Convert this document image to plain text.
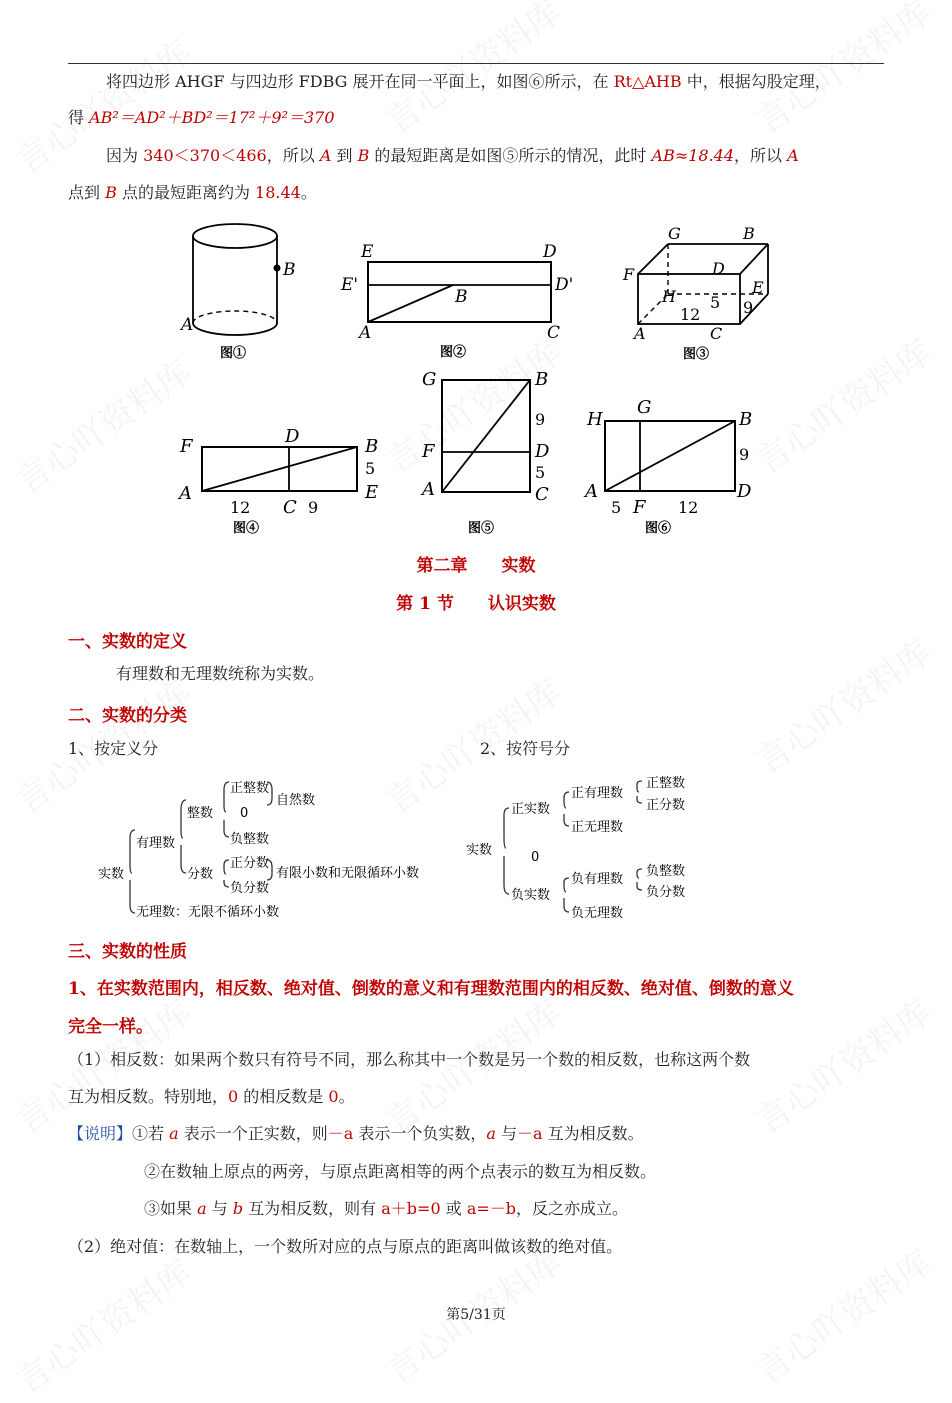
将四边形 AHGF 与四边形 FDBG 展开在同一平面上，如图⑥所示，在 Rt△AHB 中，根据勾股定理，
得 AB²＝AD²＋BD²＝17²＋9²＝370
因为 340＜370＜466，所以 A 到 B 的最短距离是如图⑤所示的情况，此时 AB≈18.44，所以 A
点到 B 点的最短距离约为 18.44。
B
A
图①
E	D
E'	D'
B
A	C
图②
G	B
F	D
E
H 5 9
12
A	C
图③
F	D	B
5
A
12 C 9
E
图④
G	B
9
F	D
5
A	C
图⑤
H
G
B
9
A
5 F 12
D
图⑥
第二章　　实数
第 1 节　　认识实数
一、实数的定义
有理数和无理数统称为实数。
二、实数的分类
1、按定义分	2、按符号分
实数
有理数
整数
正整数
0
负整数
自然数
分数
正分数
负分数
有限小数和无限循环小数
无理数：无限不循环小数
实数
正实数
正有理数
正整数
正分数
正无理数
0
负实数
负有理数
负整数
负分数
负无理数
三、实数的性质
1、在实数范围内，相反数、绝对值、倒数的意义和有理数范围内的相反数、绝对值、倒数的意义
完全一样。
（1）相反数：如果两个数只有符号不同，那么称其中一个数是另一个数的相反数，也称这两个数
互为相反数。特别地，0 的相反数是 0。
【说明】①若 a 表示一个正实数，则－a 表示一个负实数，a 与－a 互为相反数。
②在数轴上原点的两旁，与原点距离相等的两个点表示的数互为相反数。
③如果 a 与 b 互为相反数，则有 a＋b=0 或 a=－b，反之亦成立。
（2）绝对值：在数轴上，一个数所对应的点与原点的距离叫做该数的绝对值。
第5/31页
